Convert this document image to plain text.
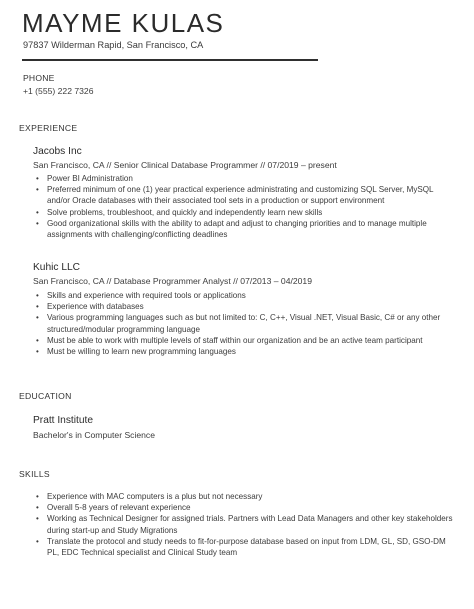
MAYME KULAS
97837 Wilderman Rapid, San Francisco, CA
PHONE
+1 (555) 222 7326
EXPERIENCE
Jacobs Inc
San Francisco, CA // Senior Clinical Database Programmer // 07/2019 – present
• Power BI Administration
• Preferred minimum of one (1) year practical experience administrating and customizing SQL Server, MySQL and/or Oracle databases with their associated tool sets in a production or support environment
• Solve problems, troubleshoot, and quickly and independently learn new skills
• Good organizational skills with the ability to adapt and adjust to changing priorities and to manage multiple assignments with challenging/conflicting deadlines
Kuhic LLC
San Francisco, CA // Database Programmer Analyst // 07/2013 – 04/2019
• Skills and experience with required tools or applications
• Experience with databases
• Various programming languages such as but not limited to: C, C++, Visual .NET, Visual Basic, C# or any other structured/modular programming language
• Must be able to work with multiple levels of staff within our organization and be an active team participant
• Must be willing to learn new programming languages
EDUCATION
Pratt Institute
Bachelor's in Computer Science
SKILLS
• Experience with MAC computers is a plus but not necessary
• Overall 5-8 years of relevant experience
• Working as Technical Designer for assigned trials. Partners with Lead Data Managers and other key stakeholders during start-up and Study Migrations
• Translate the protocol and study needs to fit-for-purpose database based on input from LDM, GL, SD, GSO-DM PL, EDC Technical specialist and Clinical Study team
